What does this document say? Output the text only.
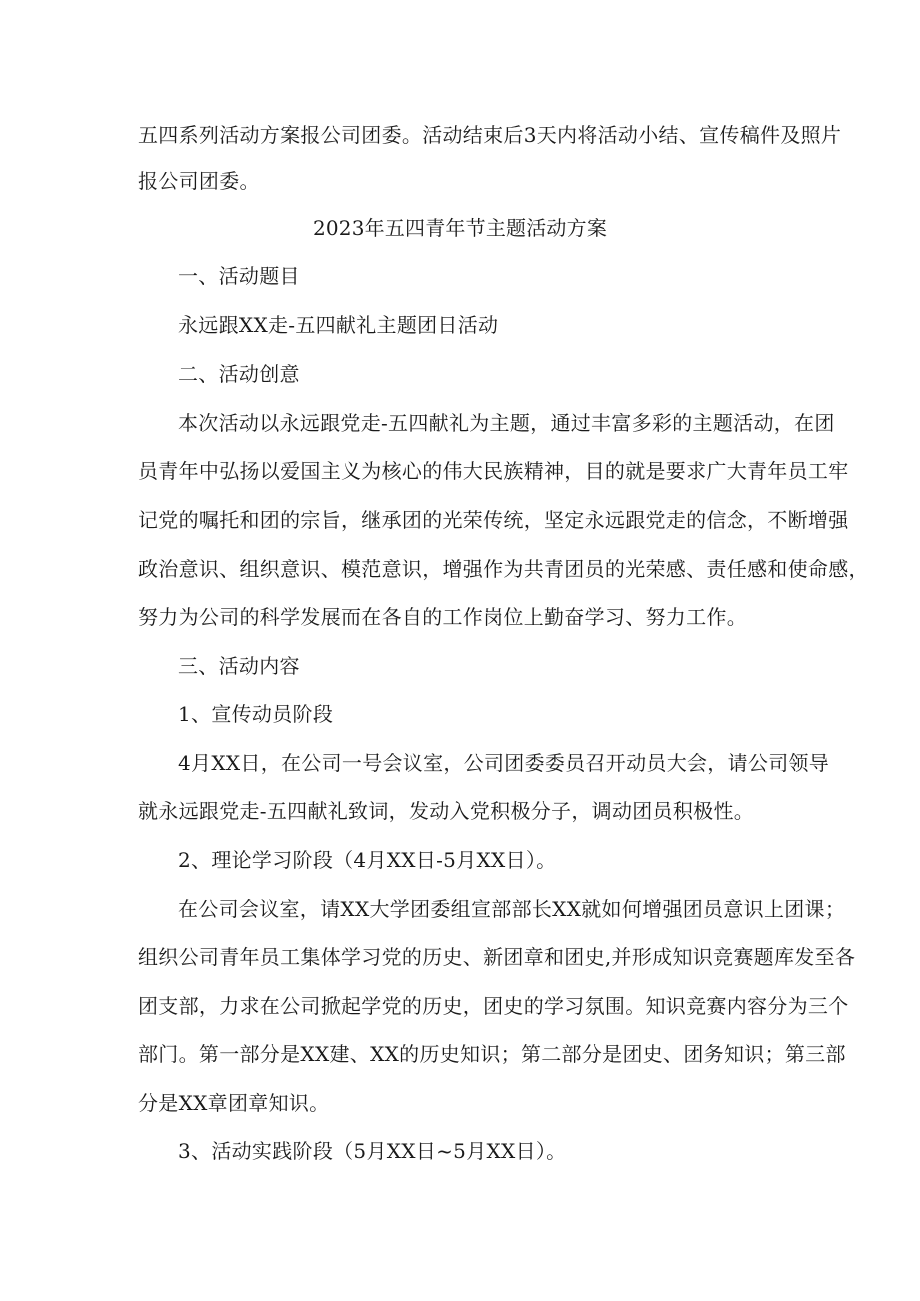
五四系列活动方案报公司团委。活动结束后3天内将活动小结、宣传稿件及照片
报公司团委。
2023年五四青年节主题活动方案
一、活动题目
永远跟XX走-五四献礼主题团日活动
二、活动创意
本次活动以永远跟党走-五四献礼为主题，通过丰富多彩的主题活动，在团
员青年中弘扬以爱国主义为核心的伟大民族精神，目的就是要求广大青年员工牢
记党的嘱托和团的宗旨，继承团的光荣传统，坚定永远跟党走的信念，不断增强
政治意识、组织意识、模范意识，增强作为共青团员的光荣感、责任感和使命感，
努力为公司的科学发展而在各自的工作岗位上勤奋学习、努力工作。
三、活动内容
1、宣传动员阶段
4月XX日，在公司一号会议室，公司团委委员召开动员大会，请公司领导
就永远跟党走-五四献礼致词，发动入党积极分子，调动团员积极性。
2、理论学习阶段（4月XX日-5月XX日）。
在公司会议室，请XX大学团委组宣部部长XX就如何增强团员意识上团课；
组织公司青年员工集体学习党的历史、新团章和团史,并形成知识竞赛题库发至各
团支部，力求在公司掀起学党的历史，团史的学习氛围。知识竞赛内容分为三个
部门。第一部分是XX建、XX的历史知识；第二部分是团史、团务知识；第三部
分是XX章团章知识。
3、活动实践阶段（5月XX日~5月XX日）。
